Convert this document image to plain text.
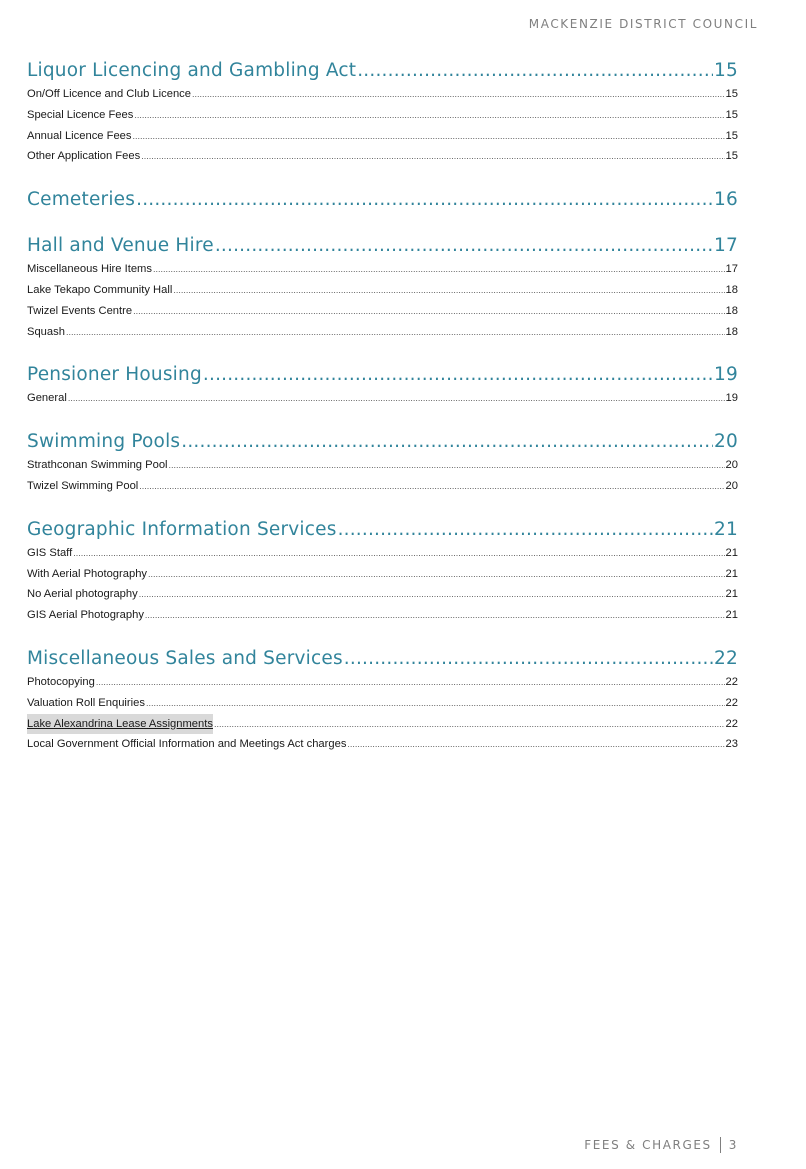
MACKENZIE DISTRICT COUNCIL
Liquor Licencing and Gambling Act .....	15
On/Off Licence and Club Licence .....	15
Special Licence Fees .....	15
Annual Licence Fees .....	15
Other Application Fees .....	15
Cemeteries .....	16
Hall and Venue Hire .....	17
Miscellaneous Hire Items .....	17
Lake Tekapo Community Hall .....	18
Twizel Events Centre .....	18
Squash .....	18
Pensioner Housing .....	19
General .....	19
Swimming Pools .....	20
Strathconan Swimming Pool .....	20
Twizel Swimming Pool .....	20
Geographic Information Services .....	21
GIS Staff .....	21
With Aerial Photography .....	21
No Aerial photography .....	21
GIS Aerial Photography .....	21
Miscellaneous Sales and Services .....	22
Photocopying .....	22
Valuation Roll Enquiries .....	22
Lake Alexandrina Lease Assignments .....	22
Local Government Official Information and Meetings Act charges .....	23
FEES & CHARGES 3
